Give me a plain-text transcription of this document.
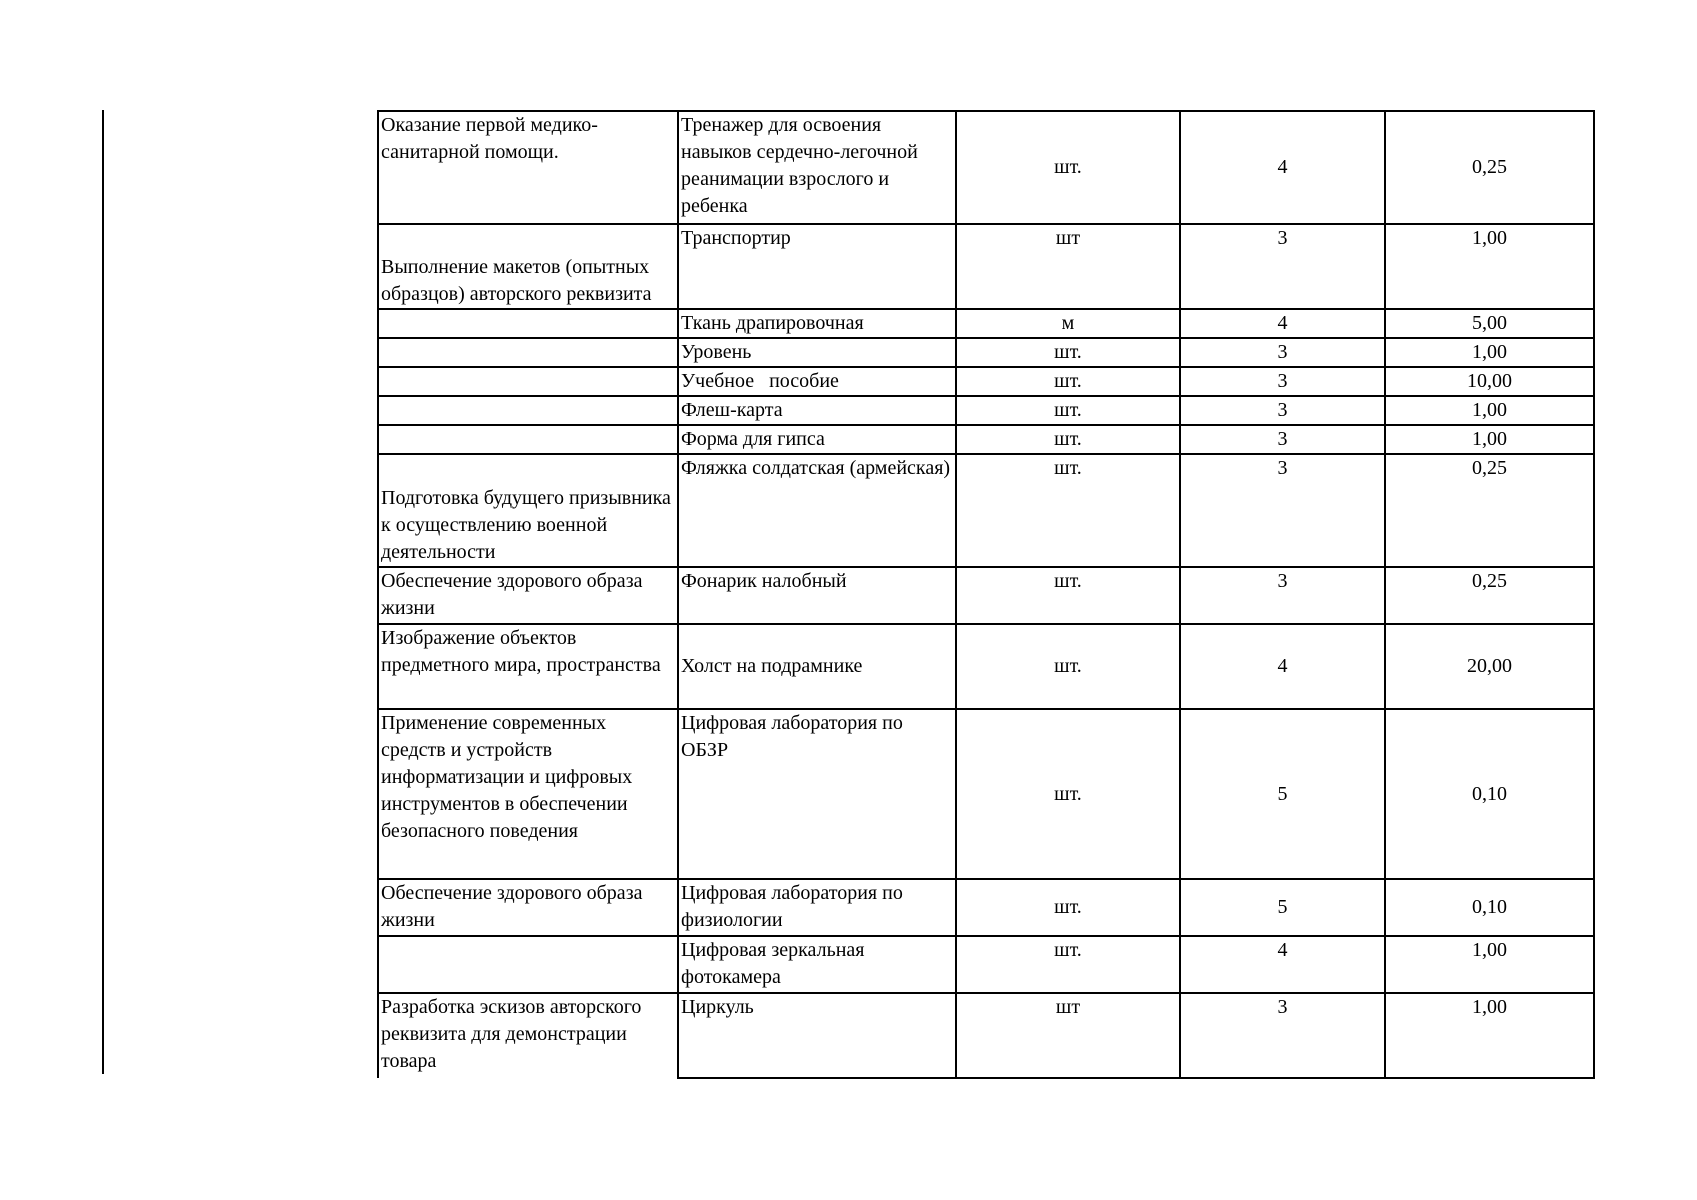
Оказание первой медико-санитарной помощи.	Тренажер для освоения навыков сердечно-легочной реанимации взрослого и ребенка	шт.	4	0,25
Выполнение макетов (опытных образцов) авторского реквизита	Транспортир	шт	3	1,00
	Ткань драпировочная	м	4	5,00
	Уровень	шт.	3	1,00
	Учебное   пособие	шт.	3	10,00
	Флеш-карта	шт.	3	1,00
	Форма для гипса	шт.	3	1,00
Подготовка будущего призывника к осуществлению военной деятельности	Фляжка солдатская (армейская)	шт.	3	0,25
Обеспечение здорового образа жизни	Фонарик налобный	шт.	3	0,25
Изображение объектов предметного мира, пространства	Холст на подрамнике	шт.	4	20,00
Применение современных средств и устройств информатизации и цифровых инструментов в обеспечении безопасного поведения	Цифровая лаборатория по ОБЗР	шт.	5	0,10
Обеспечение здорового образа жизни	Цифровая лаборатория по физиологии	шт.	5	0,10
	Цифровая зеркальная фотокамера	шт.	4	1,00
Разработка эскизов авторского реквизита для демонстрации товара	Циркуль	шт	3	1,00
